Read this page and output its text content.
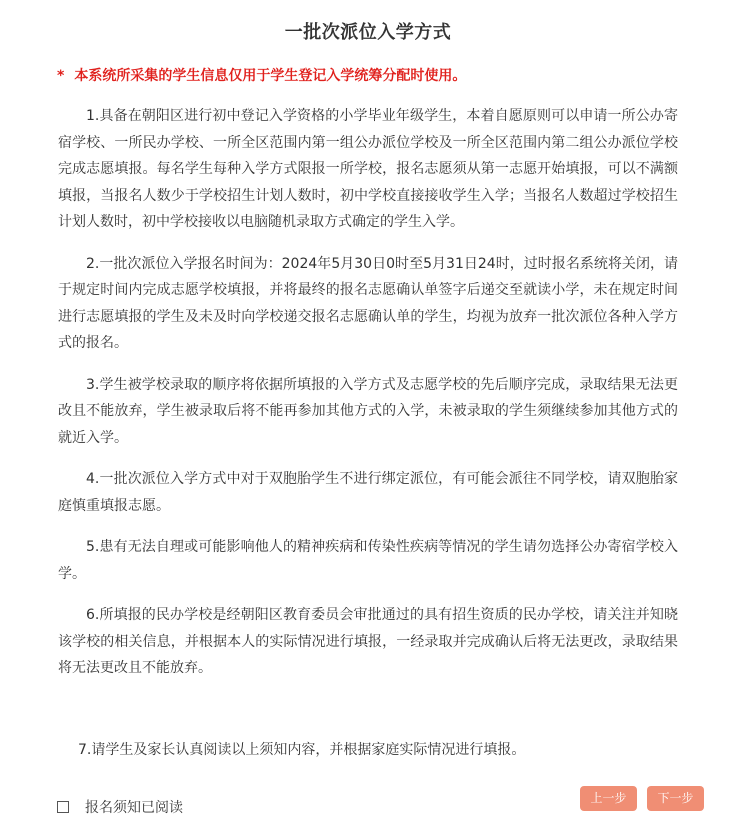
一批次派位入学方式
* 本系统所采集的学生信息仅用于学生登记入学统筹分配时使用。

1.具备在朝阳区进行初中登记入学资格的小学毕业年级学生，本着自愿原则可以申请一所公办寄宿学校、一所民办学校、一所全区范围内第一组公办派位学校及一所全区范围内第二组公办派位学校完成志愿填报。每名学生每种入学方式限报一所学校，报名志愿须从第一志愿开始填报，可以不满额填报，当报名人数少于学校招生计划人数时，初中学校直接接收学生入学；当报名人数超过学校招生计划人数时，初中学校接收以电脑随机录取方式确定的学生入学。

2.一批次派位入学报名时间为：2024年5月30日0时至5月31日24时，过时报名系统将关闭，请于规定时间内完成志愿学校填报，并将最终的报名志愿确认单签字后递交至就读小学，未在规定时间进行志愿填报的学生及未及时向学校递交报名志愿确认单的学生，均视为放弃一批次派位各种入学方式的报名。

3.学生被学校录取的顺序将依据所填报的入学方式及志愿学校的先后顺序完成，录取结果无法更改且不能放弃，学生被录取后将不能再参加其他方式的入学，未被录取的学生须继续参加其他方式的就近入学。

4.一批次派位入学方式中对于双胞胎学生不进行绑定派位，有可能会派往不同学校，请双胞胎家庭慎重填报志愿。

5.患有无法自理或可能影响他人的精神疾病和传染性疾病等情况的学生请勿选择公办寄宿学校入学。

6.所填报的民办学校是经朝阳区教育委员会审批通过的具有招生资质的民办学校，请关注并知晓该学校的相关信息，并根据本人的实际情况进行填报，一经录取并完成确认后将无法更改，录取结果将无法更改且不能放弃。

7.请学生及家长认真阅读以上须知内容，并根据家庭实际情况进行填报。

报名须知已阅读
上一步	下一步
